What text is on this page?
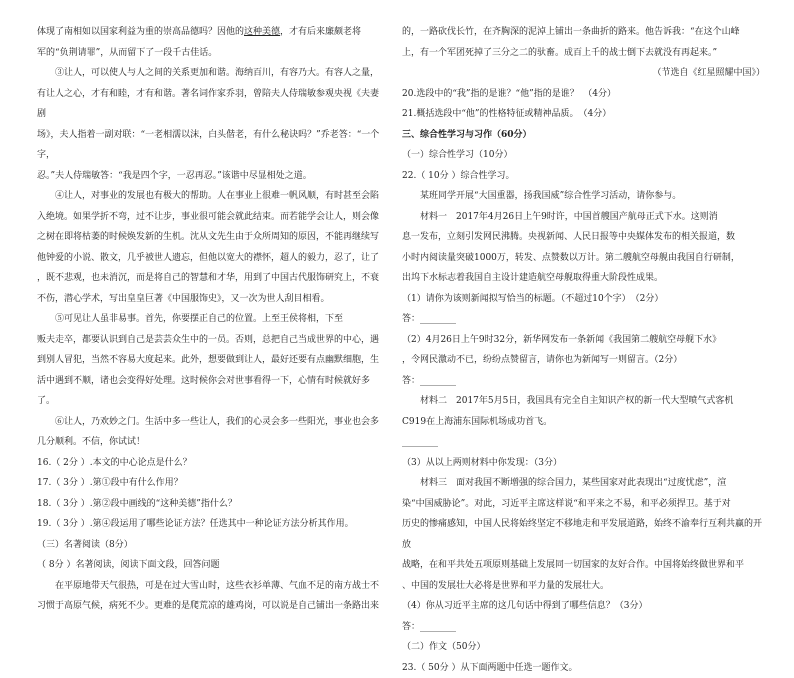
体现了南相如以国家利益为重的崇高品德吗？因他的这种美德，才有后来廉颇老将

军的“负荆请罪”，从而留下了一段千古佳话。

③让人，可以使人与人之间的关系更加和谐。海纳百川，有容乃大。有容人之量，

有让人之心，才有和睦，才有和谐。著名词作家乔羽，曾陪夫人侍瑞敏参观央视《夫妻剧

场》，夫人指着一副对联：“一老相濡以沫，白头偕老，有什么秘诀吗？”乔老答：“一个字，

忍。”夫人侍瑞敏答：“我是四个字，一忍再忍。”该谐中尽显相处之道。

④让人，对事业的发展也有极大的帮助。人在事业上很难一帆风顺，有时甚至会陷

入绝境。如果学折不弯，过不让步，事业很可能会就此结束。而若能学会让人，则会像

之树在即将枯萎的时候焕发新的生机。沈从文先生由于众所周知的原因，不能再继续写

他钟爱的小说、散文，几乎被世人遗忘，但他以宽大的襟怀，超人的毅力，忍了，让了

，既不悲观，也未消沉，而是将自己的智慧和才华，用到了中国古代服饰研究上，不衰

不伤，潜心学术，写出皇皇巨著《中国服饰史》，又一次为世人刮目相看。

⑤可见让人虽非易事。首先，你要摆正自己的位置。上至王侯将相，下至

贩夫走卒，都要认识到自己是芸芸众生中的一员。否则，总把自己当成世界的中心，遇

到别人冒犯，当然不容易大度起来。此外，想要做到让人，最好还要有点幽默细胞，生

活中遇到不顺，诸也会变得好处理。这时候你会对世事看得一下，心情有时候就好多了。

⑥让人，乃欢妙之门。生活中多一些让人，我们的心灵会多一些阳光，事业也会多

几分顺利。不信，你试试！

16.（ 2分 ）.本文的中心论点是什么？

17.（ 3分 ）.第①段中有什么作用？

18.（ 3分 ）.第②段中画线的“这种美德”指什么？

19.（ 3分 ）.第④段运用了哪些论证方法？任选其中一种论证方法分析其作用。

（三）名著阅读（8分）

（ 8分 ）名著阅读，阅读下面文段，回答问题

在平原地带天气很热，可是在过大雪山时，这些衣衫单薄、气血不足的南方战士不

习惯于高原气候，病死不少。更难的是爬荒凉的雄鸡岗，可以说是自己铺出一条路出来

的，一路砍伐长竹，在齐胸深的泥淖上铺出一条曲折的路来。他告诉我：“在这个山峰

上，有一个军团死掉了三分之二的驮畜。成百上千的战士倒下去就没有再起来。”

（节选自《红星照耀中国》）

20.选段中的“我”指的是谁？“他”指的是谁？　（4分）

21.概括选段中“他”的性格特征或精神品质。　（4分）

三、综合性学习与习作（60分）

（一）综合性学习（10分）

22.（ 10分 ）综合性学习。

某班同学开展“大国重器，扬我国威”综合性学习活动，请你参与。

材料一　2017年4月26日上午9时许，中国首艘国产航母正式下水。这则消

息一发布，立刻引发网民沸腾。央视新闻、人民日报等中央媒体发布的相关报道，数

小时内阅读量突破1000万，转发、点赞数以万计。第二艘航空母舰由我国自行研制，

出坞下水标志着我国自主设计建造航空母舰取得重大阶段性成果。

（1）请你为该则新闻拟写恰当的标题。（不超过10个字）　（2分）

答：________

（2）4月26日上午9时32分，新华网发布一条新闻《我国第二艘航空母舰下水》

，令网民激动不已，纷纷点赞留言，请你也为新闻写一则留言。（2分）

答：________

材料二　2017年5月5日，我国具有完全自主知识产权的新一代大型喷气式客机

C919在上海浦东国际机场成功首飞。

________

（3）从以上两则材料中你发现：（3分）

材料三　面对我国不断增强的综合国力，某些国家对此表现出“过度忧虑”，渲

染“中国威胁论”。对此，习近平主席这样说“和平来之不易，和平必须捍卫。基于对

历史的惨痛感知，中国人民将始终坚定不移地走和平发展道路，始终不渝奉行互利共赢的开放

战略，在和平共处五项原则基础上发展同一切国家的友好合作。中国将始终做世界和平

、中国的发展壮大必将是世界和平力量的发展壮大。

（4）你从习近平主席的这几句话中得到了哪些信息？（3分）

答：________

（二）作文（50分）

23.（ 50分 ）从下面两题中任选一题作文。
